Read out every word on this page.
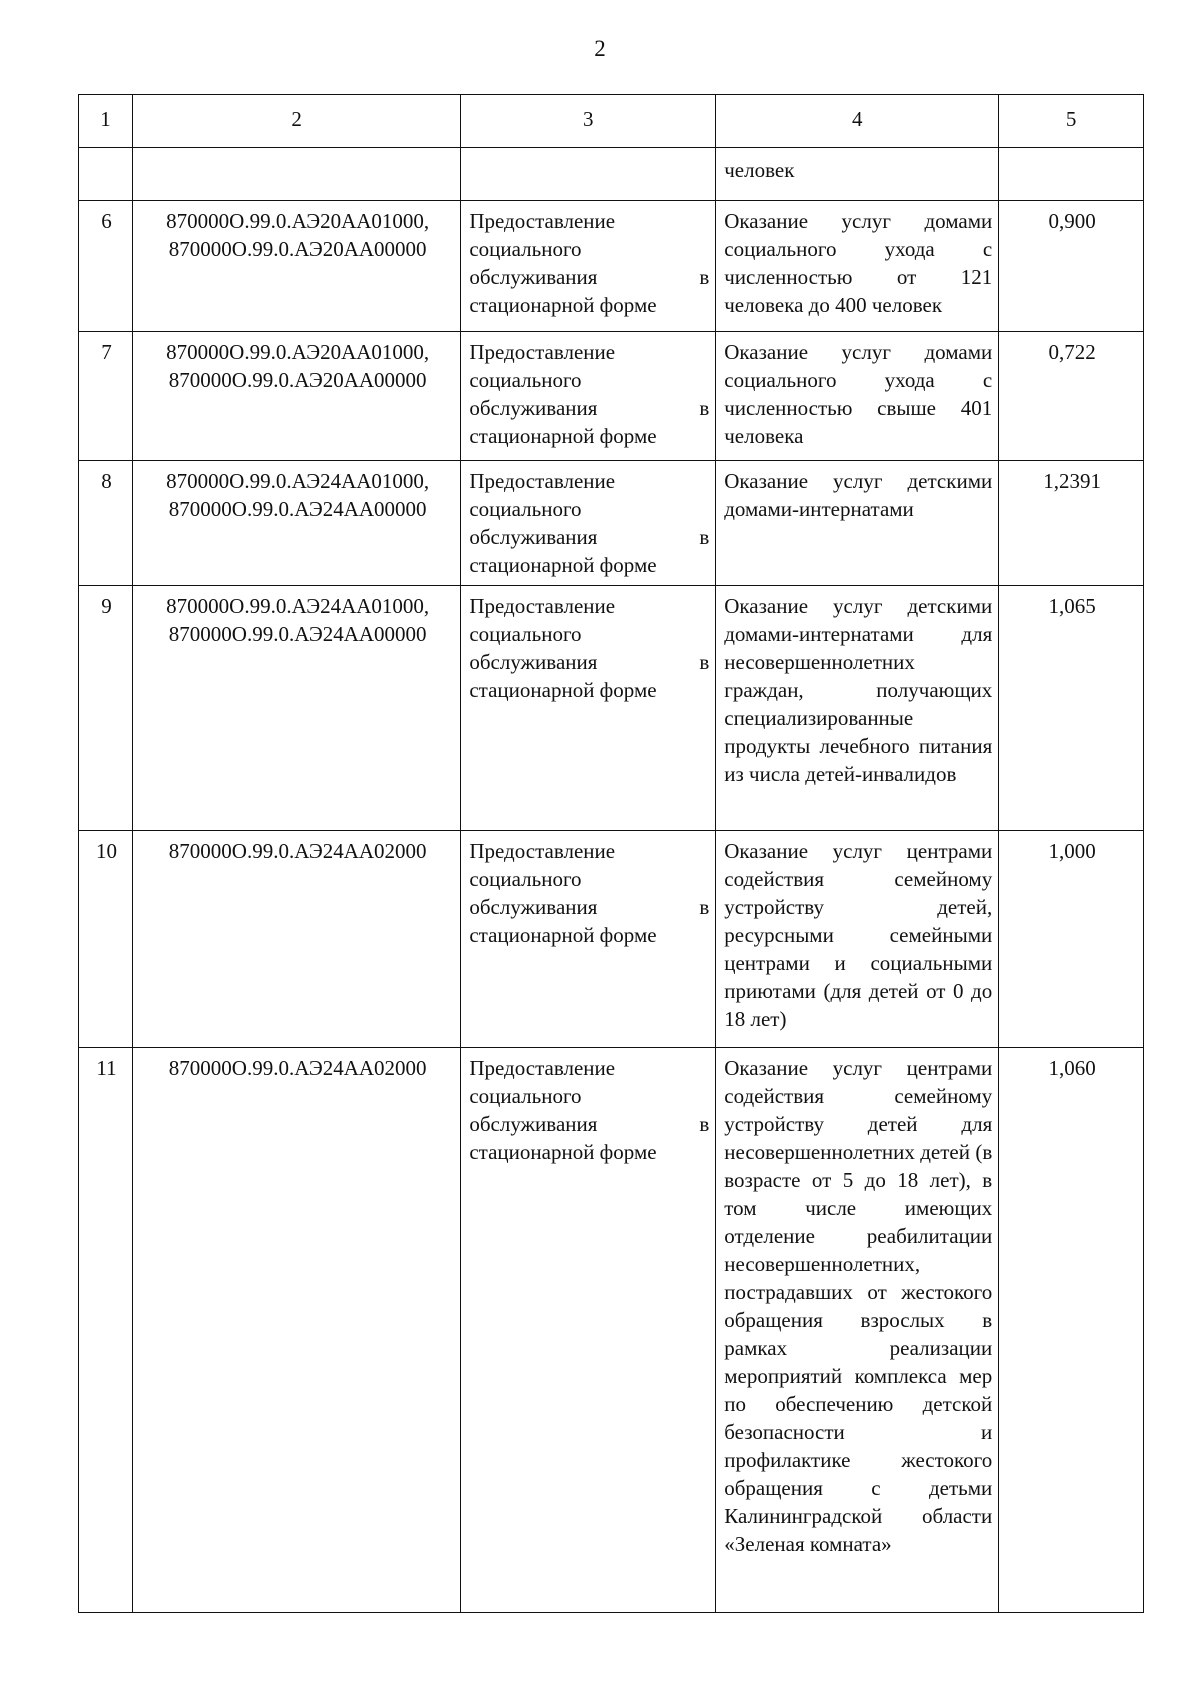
2
1	2	3	4	5
			человек	
6	870000О.99.0.АЭ20АА01000, 870000О.99.0.АЭ20АА00000	Предоставление социального обслуживания в стационарной форме	Оказание услуг домами социального ухода с численностью от 121 человека до 400 человек	0,900
7	870000О.99.0.АЭ20АА01000, 870000О.99.0.АЭ20АА00000	Предоставление социального обслуживания в стационарной форме	Оказание услуг домами социального ухода с численностью свыше 401 человека	0,722
8	870000О.99.0.АЭ24АА01000, 870000О.99.0.АЭ24АА00000	Предоставление социального обслуживания в стационарной форме	Оказание услуг детскими домами-интернатами	1,2391
9	870000О.99.0.АЭ24АА01000, 870000О.99.0.АЭ24АА00000	Предоставление социального обслуживания в стационарной форме	Оказание услуг детскими домами-интернатами для несовершеннолетних граждан, получающих специализированные продукты лечебного питания из числа детей-инвалидов	1,065
10	870000О.99.0.АЭ24АА02000	Предоставление социального обслуживания в стационарной форме	Оказание услуг центрами содействия семейному устройству детей, ресурсными семейными центрами и социальными приютами (для детей от 0 до 18 лет)	1,000
11	870000О.99.0.АЭ24АА02000	Предоставление социального обслуживания в стационарной форме	Оказание услуг центрами содействия семейному устройству детей для несовершеннолетних детей (в возрасте от 5 до 18 лет), в том числе имеющих отделение реабилитации несовершеннолетних, пострадавших от жестокого обращения взрослых в рамках реализации мероприятий комплекса мер по обеспечению детской безопасности и профилактике жестокого обращения с детьми Калининградской области «Зеленая комната»	1,060
